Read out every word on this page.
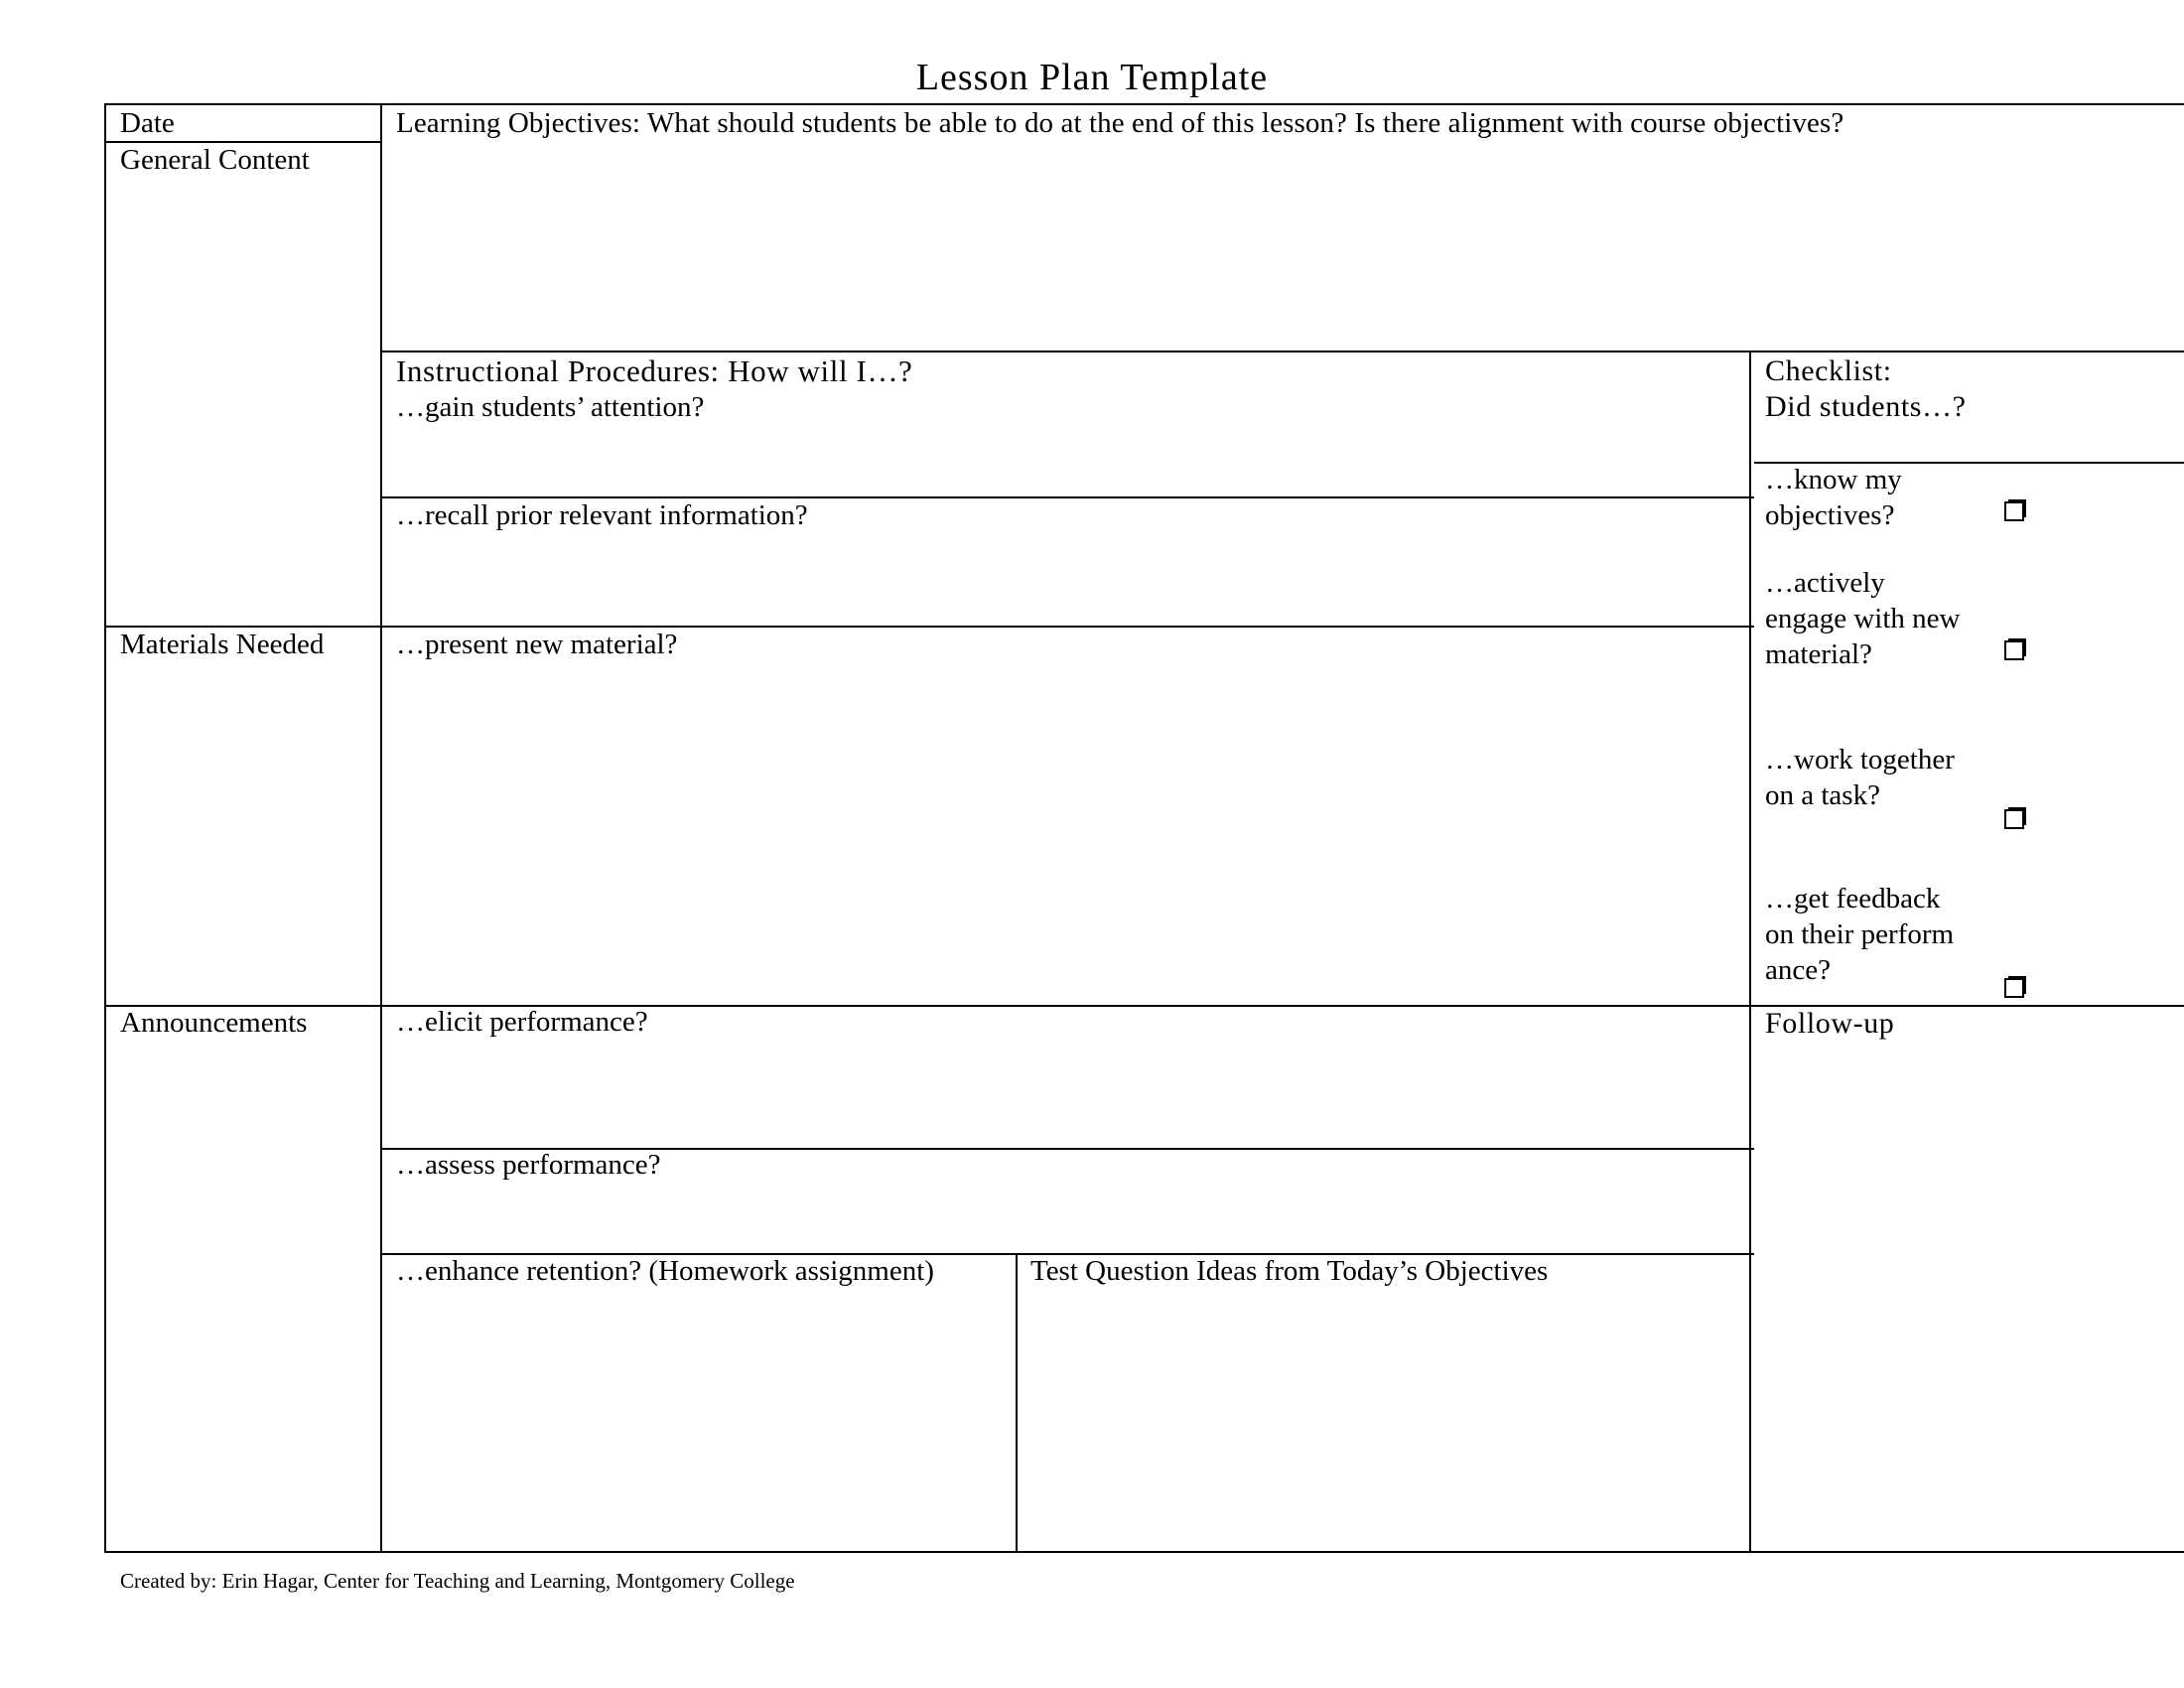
Lesson Plan Template
Date
General Content
Materials Needed
Announcements
Learning Objectives: What should students be able to do at the end of this lesson? Is there alignment with course objectives?
Instructional Procedures: How will I…?
…gain students’ attention?
…recall prior relevant information?
…present new material?
…elicit performance?
…assess performance?
…enhance retention? (Homework assignment)	Test Question Ideas from Today’s Objectives
Checklist:
Did students…?
…know my
objectives?
…actively
engage with new
material?
…work together
on a task?
…get feedback
on their perform
ance?
Follow-up
Created by: Erin Hagar, Center for Teaching and Learning, Montgomery College
